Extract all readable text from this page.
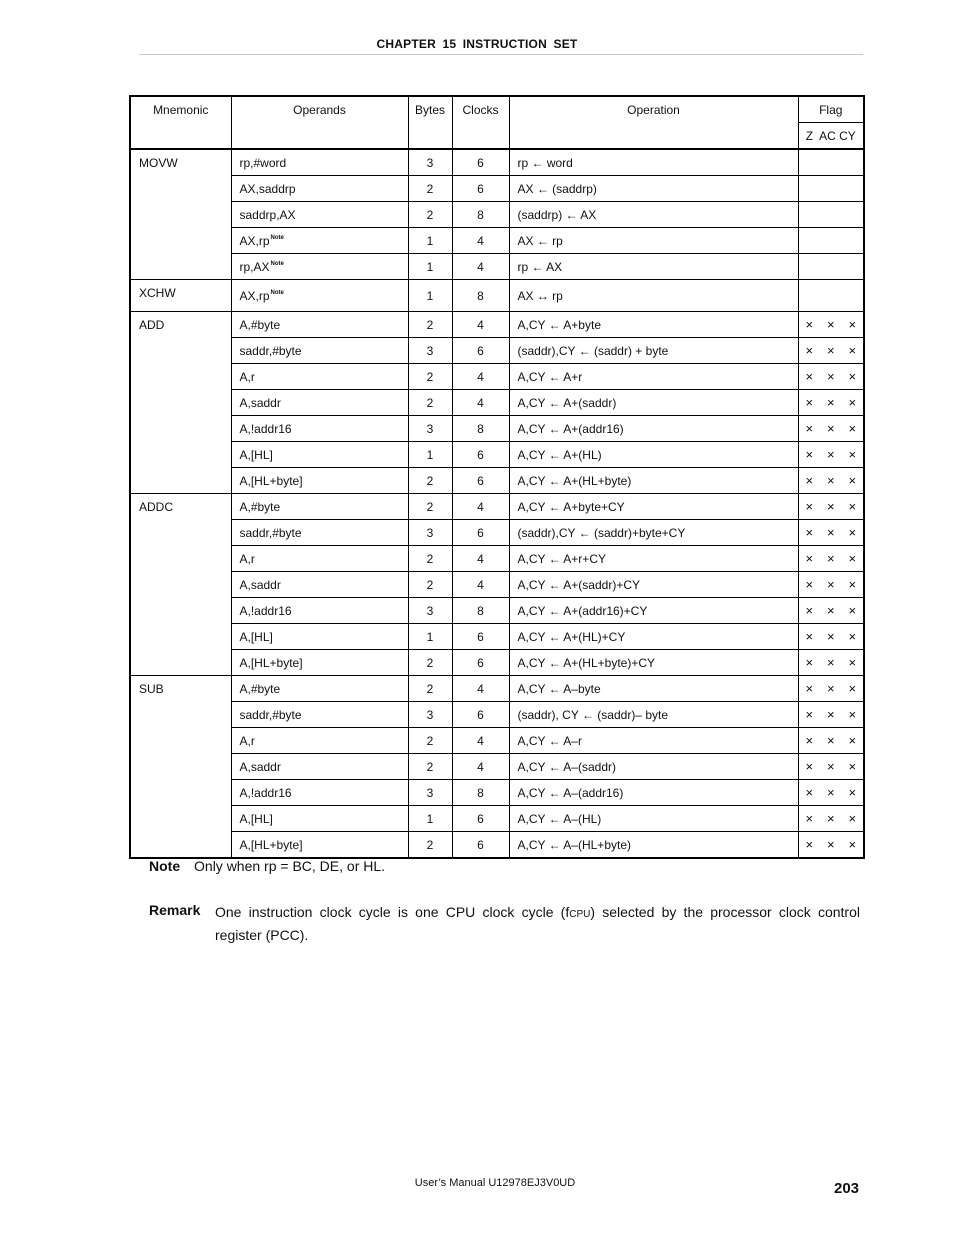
CHAPTER 15 INSTRUCTION SET
Mnemonic	Operands	Bytes	Clocks	Operation	Flag
					Z  AC CY
MOVW	rp,#word	3	6	rp ← word	

	AX,saddrp	2	6	AX ← (saddrp)	

	saddrp,AX	2	8	(saddrp) ← AX	

	AX,rp$^{Note}$	1	4	AX ← rp	

	rp,AX$^{Note}$	1	4	rp ← AX	

XCHW	AX,rp$^{Note}$	1	8	AX ↔ rp	

ADD	A,#byte	2	4	A,CY ← A+byte	× × ×

	saddr,#byte	3	6	(saddr),CY ← (saddr) + byte	× × ×

	A,r	2	4	A,CY ← A+r	× × ×

	A,saddr	2	4	A,CY ← A+(saddr)	× × ×

	A,!addr16	3	8	A,CY ← A+(addr16)	× × ×

	A,[HL]	1	6	A,CY ← A+(HL)	× × ×

	A,[HL+byte]	2	6	A,CY ← A+(HL+byte)	× × ×

ADDC	A,#byte	2	4	A,CY ← A+byte+CY	× × ×

	saddr,#byte	3	6	(saddr),CY ← (saddr)+byte+CY	× × ×

	A,r	2	4	A,CY ← A+r+CY	× × ×

	A,saddr	2	4	A,CY ← A+(saddr)+CY	× × ×

	A,!addr16	3	8	A,CY ← A+(addr16)+CY	× × ×

	A,[HL]	1	6	A,CY ← A+(HL)+CY	× × ×

	A,[HL+byte]	2	6	A,CY ← A+(HL+byte)+CY	× × ×

SUB	A,#byte	2	4	A,CY ← A–byte	× × ×

	saddr,#byte	3	6	(saddr), CY ← (saddr)– byte	× × ×

	A,r	2	4	A,CY ← A–r	× × ×

	A,saddr	2	4	A,CY ← A–(saddr)	× × ×

	A,!addr16	3	8	A,CY ← A–(addr16)	× × ×

	A,[HL]	1	6	A,CY ← A–(HL)	× × ×

	A,[HL+byte]	2	6	A,CY ← A–(HL+byte)	× × ×
Note Only when rp = BC, DE, or HL.
Remark One instruction clock cycle is one CPU clock cycle (fCPU) selected by the processor clock control register (PCC).
User’s Manual U12978EJ3V0UD	203
